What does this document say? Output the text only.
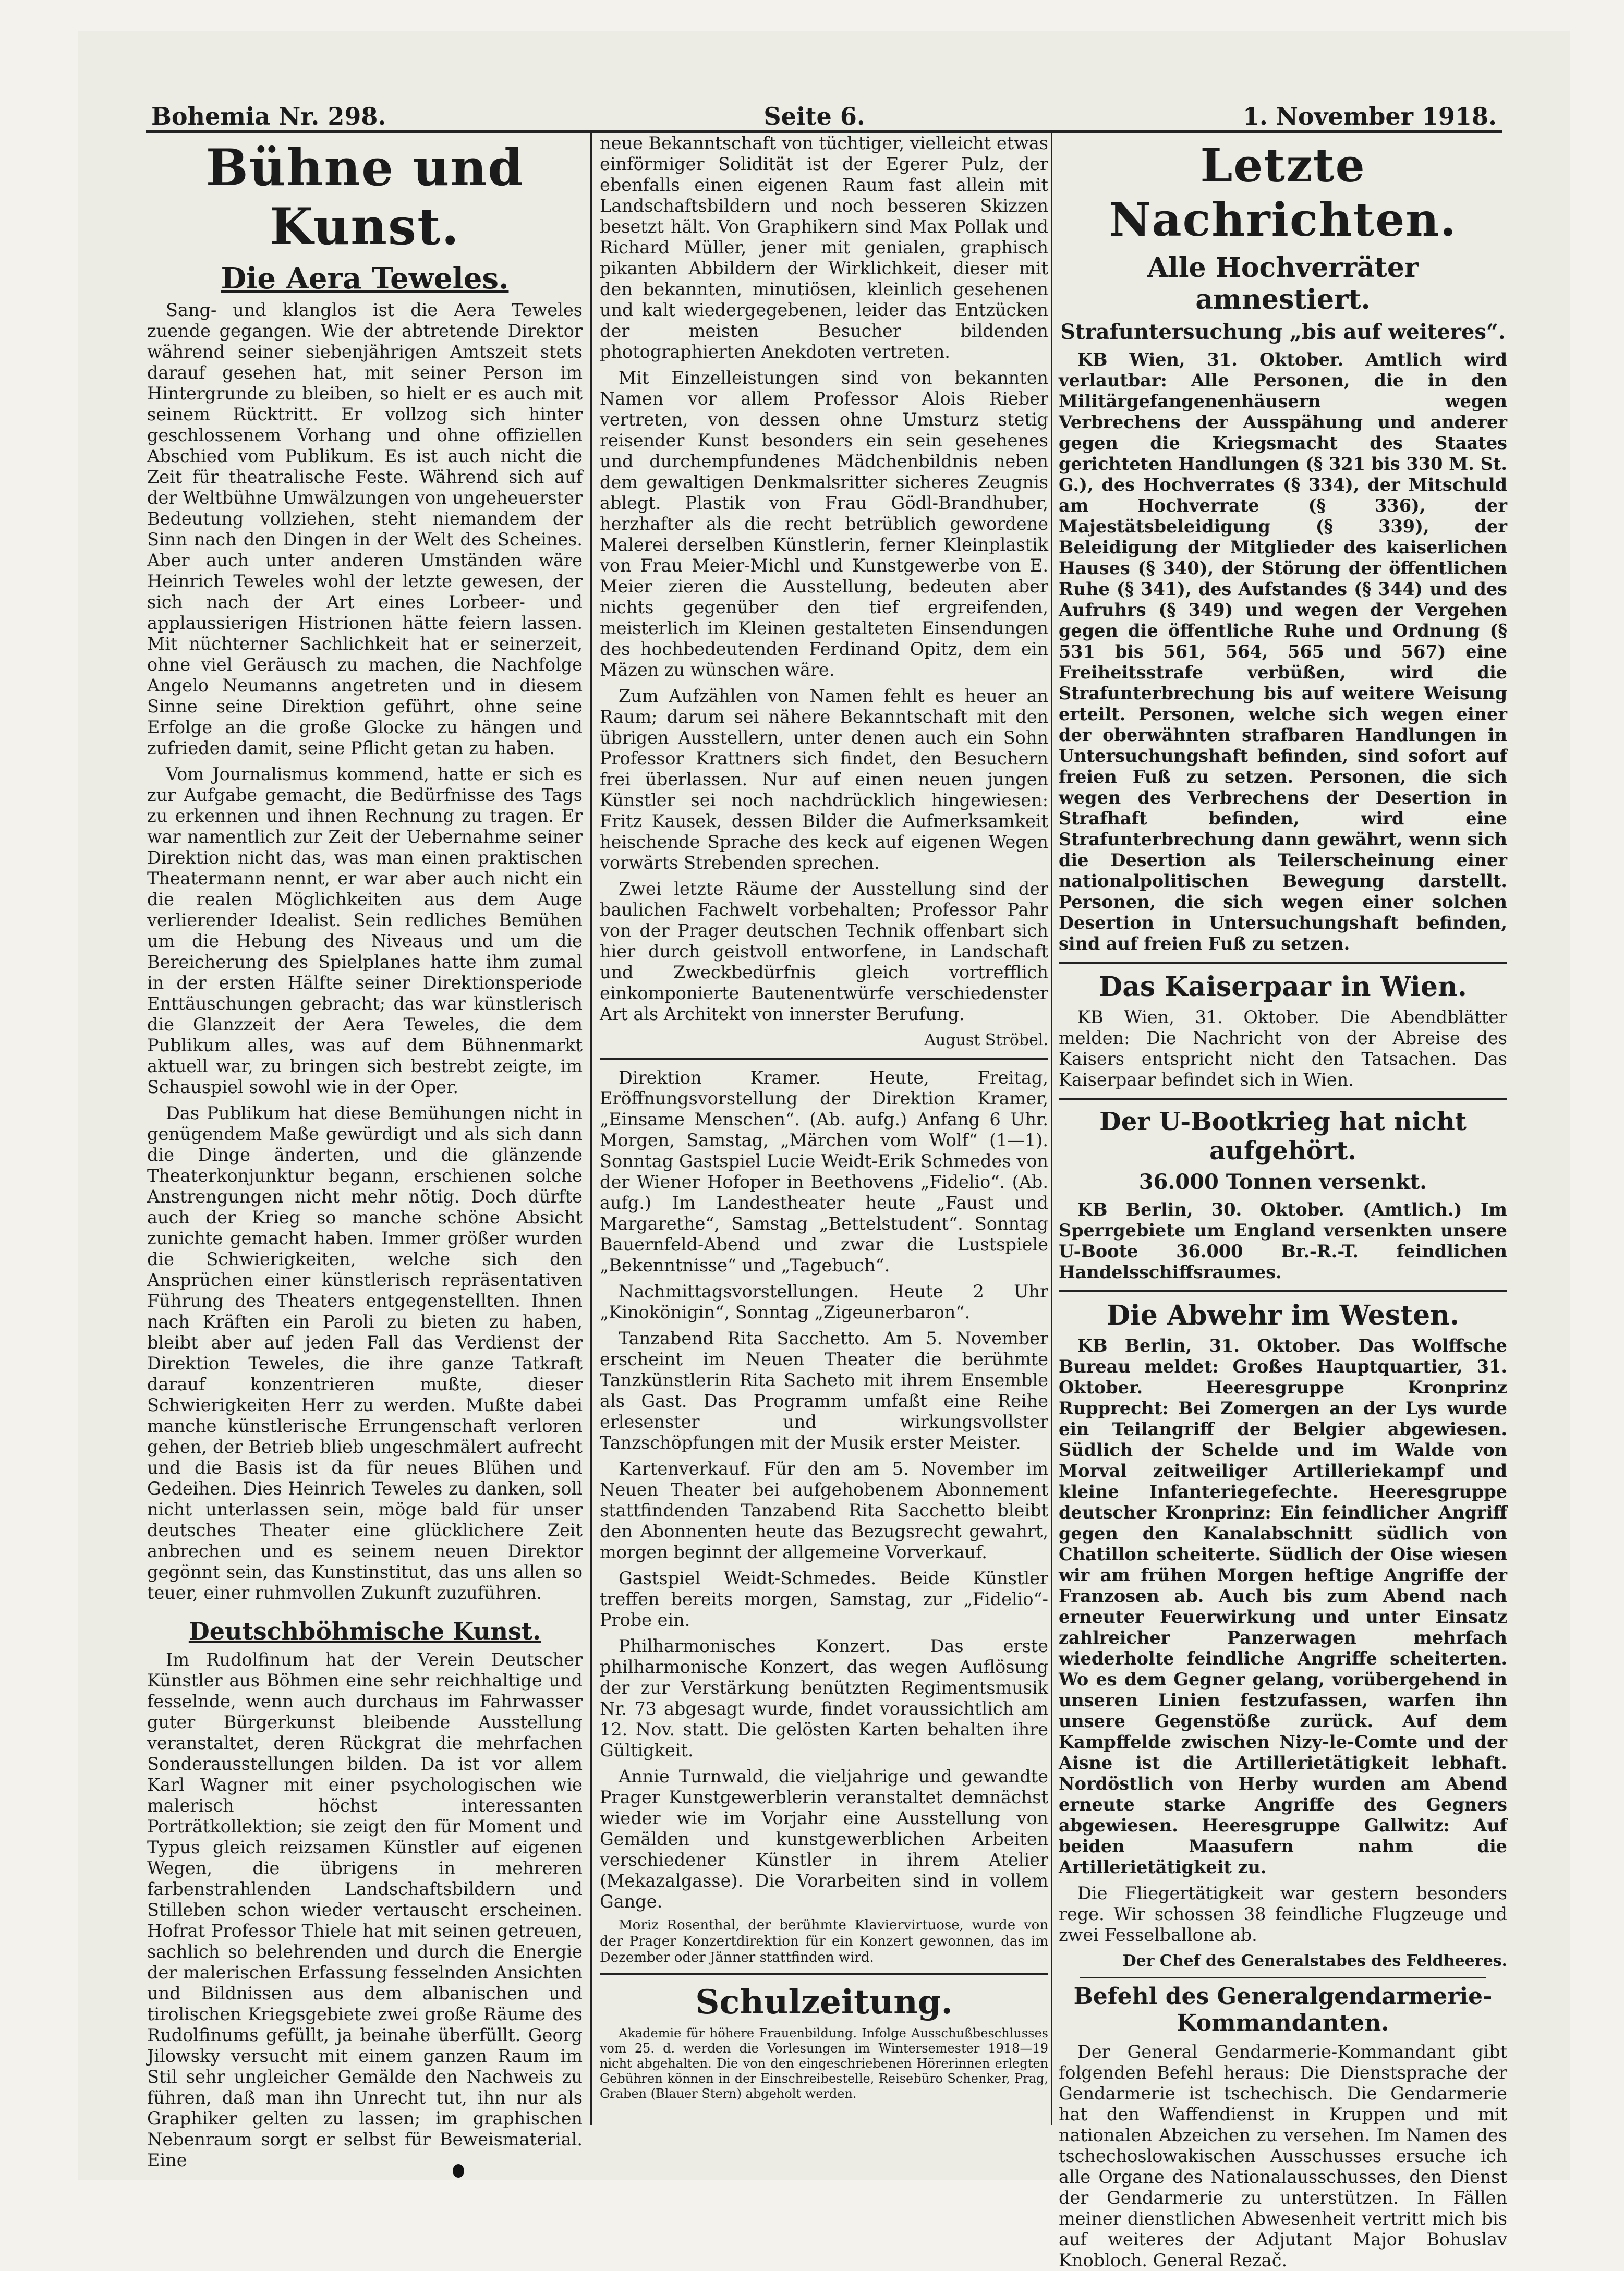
Bohemia Nr. 298.	Seite 6.	1. November 1918.
Bühne und Kunst.
Die Aera Teweles.

Sang- und klanglos ist die Aera Teweles zuende gegangen. Wie der abtretende Direktor während seiner siebenjährigen Amtszeit stets darauf gesehen hat, mit seiner Person im Hintergrunde zu bleiben, so hielt er es auch mit seinem Rücktritt. Er vollzog sich hinter geschlossenem Vorhang und ohne offiziellen Abschied vom Publikum. Es ist auch nicht die Zeit für theatralische Feste. Während sich auf der Weltbühne Umwälzungen von ungeheuerster Bedeutung vollziehen, steht niemandem der Sinn nach den Dingen in der Welt des Scheines. Aber auch unter anderen Umständen wäre Heinrich Teweles wohl der letzte gewesen, der sich nach der Art eines Lorbeer- und applaussierigen Histrionen hätte feiern lassen. Mit nüchterner Sachlichkeit hat er seinerzeit, ohne viel Geräusch zu machen, die Nachfolge Angelo Neumanns angetreten und in diesem Sinne seine Direktion geführt, ohne seine Erfolge an die große Glocke zu hängen und zufrieden damit, seine Pflicht getan zu haben.

Vom Journalismus kommend, hatte er sich es zur Aufgabe gemacht, die Bedürfnisse des Tags zu erkennen und ihnen Rechnung zu tragen. Er war namentlich zur Zeit der Uebernahme seiner Direktion nicht das, was man einen praktischen Theatermann nennt, er war aber auch nicht ein die realen Möglichkeiten aus dem Auge verlierender Idealist. Sein redliches Bemühen um die Hebung des Niveaus und um die Bereicherung des Spielplanes hatte ihm zumal in der ersten Hälfte seiner Direktionsperiode Enttäuschungen gebracht; das war künstlerisch die Glanzzeit der Aera Teweles, die dem Publikum alles, was auf dem Bühnenmarkt aktuell war, zu bringen sich bestrebt zeigte, im Schauspiel sowohl wie in der Oper.

Das Publikum hat diese Bemühungen nicht in genügendem Maße gewürdigt und als sich dann die Dinge änderten, und die glänzende Theaterkonjunktur begann, erschienen solche Anstrengungen nicht mehr nötig. Doch dürfte auch der Krieg so manche schöne Absicht zunichte gemacht haben. Immer größer wurden die Schwierigkeiten, welche sich den Ansprüchen einer künstlerisch repräsentativen Führung des Theaters entgegenstellten. Ihnen nach Kräften ein Paroli zu bieten zu haben, bleibt aber auf jeden Fall das Verdienst der Direktion Teweles, die ihre ganze Tatkraft darauf konzentrieren mußte, dieser Schwierigkeiten Herr zu werden. Mußte dabei manche künstlerische Errungenschaft verloren gehen, der Betrieb blieb ungeschmälert aufrecht und die Basis ist da für neues Blühen und Gedeihen. Dies Heinrich Teweles zu danken, soll nicht unterlassen sein, möge bald für unser deutsches Theater eine glücklichere Zeit anbrechen und es seinem neuen Direktor gegönnt sein, das Kunstinstitut, das uns allen so teuer, einer ruhmvollen Zukunft zuzuführen.

Deutschböhmische Kunst.

Im Rudolfinum hat der Verein Deutscher Künstler aus Böhmen eine sehr reichhaltige und fesselnde, wenn auch durchaus im Fahrwasser guter Bürgerkunst bleibende Ausstellung veranstaltet, deren Rückgrat die mehrfachen Sonderausstellungen bilden. Da ist vor allem Karl Wagner mit einer psychologischen wie malerisch höchst interessanten Porträtkollektion; sie zeigt den für Moment und Typus gleich reizsamen Künstler auf eigenen Wegen, die übrigens in mehreren farbenstrahlenden Landschaftsbildern und Stilleben schon wieder vertauscht erscheinen. Hofrat Professor Thiele hat mit seinen getreuen, sachlich so belehrenden und durch die Energie der malerischen Erfassung fesselnden Ansichten und Bildnissen aus dem albanischen und tirolischen Kriegsgebiete zwei große Räume des Rudolfinums gefüllt, ja beinahe überfüllt. Georg Jilowsky versucht mit einem ganzen Raum im Stil sehr ungleicher Gemälde den Nachweis zu führen, daß man ihn Unrecht tut, ihn nur als Graphiker gelten zu lassen; im graphischen Nebenraum sorgt er selbst für Beweismaterial. Eine

neue Bekanntschaft von tüchtiger, vielleicht etwas einförmiger Solidität ist der Egerer Pulz, der ebenfalls einen eigenen Raum fast allein mit Landschaftsbildern und noch besseren Skizzen besetzt hält. Von Graphikern sind Max Pollak und Richard Müller, jener mit genialen, graphisch pikanten Abbildern der Wirklichkeit, dieser mit den bekannten, minutiösen, kleinlich gesehenen und kalt wiedergegebenen, leider das Entzücken der meisten Besucher bildenden photographierten Anekdoten vertreten.

Mit Einzelleistungen sind von bekannten Namen vor allem Professor Alois Rieber vertreten, von dessen ohne Umsturz stetig reisender Kunst besonders ein sein gesehenes und durchempfundenes Mädchenbildnis neben dem gewaltigen Denkmalsritter sicheres Zeugnis ablegt. Plastik von Frau Gödl-Brandhuber, herzhafter als die recht betrüblich gewordene Malerei derselben Künstlerin, ferner Kleinplastik von Frau Meier-Michl und Kunstgewerbe von E. Meier zieren die Ausstellung, bedeuten aber nichts gegenüber den tief ergreifenden, meisterlich im Kleinen gestalteten Einsendungen des hochbedeutenden Ferdinand Opitz, dem ein Mäzen zu wünschen wäre.

Zum Aufzählen von Namen fehlt es heuer an Raum; darum sei nähere Bekanntschaft mit den übrigen Ausstellern, unter denen auch ein Sohn Professor Krattners sich findet, den Besuchern frei überlassen. Nur auf einen neuen jungen Künstler sei noch nachdrücklich hingewiesen: Fritz Kausek, dessen Bilder die Aufmerksamkeit heischende Sprache des keck auf eigenen Wegen vorwärts Strebenden sprechen.

Zwei letzte Räume der Ausstellung sind der baulichen Fachwelt vorbehalten; Professor Pahr von der Prager deutschen Technik offenbart sich hier durch geistvoll entworfene, in Landschaft und Zweckbedürfnis gleich vortrefflich einkomponierte Bautenentwürfe verschiedenster Art als Architekt von innerster Berufung.

August Ströbel.

Direktion Kramer. Heute, Freitag, Eröffnungsvorstellung der Direktion Kramer, „Einsame Menschen“. (Ab. aufg.) Anfang 6 Uhr. Morgen, Samstag, „Märchen vom Wolf“ (1—1). Sonntag Gastspiel Lucie Weidt-Erik Schmedes von der Wiener Hofoper in Beethovens „Fidelio“. (Ab. aufg.) Im Landestheater heute „Faust und Margarethe“, Samstag „Bettelstudent“. Sonntag Bauernfeld-Abend und zwar die Lustspiele „Bekenntnisse“ und „Tagebuch“.

Nachmittagsvorstellungen. Heute 2 Uhr „Kinokönigin“, Sonntag „Zigeunerbaron“.

Tanzabend Rita Sacchetto. Am 5. November erscheint im Neuen Theater die berühmte Tanzkünstlerin Rita Sacheto mit ihrem Ensemble als Gast. Das Programm umfaßt eine Reihe erlesenster und wirkungsvollster Tanzschöpfungen mit der Musik erster Meister.

Kartenverkauf. Für den am 5. November im Neuen Theater bei aufgehobenem Abonnement stattfindenden Tanzabend Rita Sacchetto bleibt den Abonnenten heute das Bezugsrecht gewahrt, morgen beginnt der allgemeine Vorverkauf.

Gastspiel Weidt-Schmedes. Beide Künstler treffen bereits morgen, Samstag, zur „Fidelio“-Probe ein.

Philharmonisches Konzert. Das erste philharmonische Konzert, das wegen Auflösung der zur Verstärkung benützten Regimentsmusik Nr. 73 abgesagt wurde, findet voraussichtlich am 12. Nov. statt. Die gelösten Karten behalten ihre Gültigkeit.

Annie Turnwald, die vieljahrige und gewandte Prager Kunstgewerblerin veranstaltet demnächst wieder wie im Vorjahr eine Ausstellung von Gemälden und kunstgewerblichen Arbeiten verschiedener Künstler in ihrem Atelier (Mekazalgasse). Die Vorarbeiten sind in vollem Gange.

Moriz Rosenthal, der berühmte Klaviervirtuose, wurde von der Prager Konzertdirektion für ein Konzert gewonnen, das im Dezember oder Jänner stattfinden wird.

Schulzeitung.

Akademie für höhere Frauenbildung. Infolge Ausschußbeschlusses vom 25. d. werden die Vorlesungen im Wintersemester 1918—19 nicht abgehalten. Die von den eingeschriebenen Hörerinnen erlegten Gebühren können in der Einschreibestelle, Reisebüro Schenker, Prag, Graben (Blauer Stern) abgeholt werden.

Letzte Nachrichten.
Alle Hochverräter amnestiert.
Strafuntersuchung „bis auf weiteres“.

KB Wien, 31. Oktober. Amtlich wird verlautbar: Alle Personen, die in den Militärgefangenenhäusern wegen Verbrechens der Ausspähung und anderer gegen die Kriegsmacht des Staates gerichteten Handlungen (§ 321 bis 330 M. St. G.), des Hochverrates (§ 334), der Mitschuld am Hochverrate (§ 336), der Majestätsbeleidigung (§ 339), der Beleidigung der Mitglieder des kaiserlichen Hauses (§ 340), der Störung der öffentlichen Ruhe (§ 341), des Aufstandes (§ 344) und des Aufruhrs (§ 349) und wegen der Vergehen gegen die öffentliche Ruhe und Ordnung (§ 531 bis 561, 564, 565 und 567) eine Freiheitsstrafe verbüßen, wird die Strafunterbrechung bis auf weitere Weisung erteilt. Personen, welche sich wegen einer der oberwähnten strafbaren Handlungen in Untersuchungshaft befinden, sind sofort auf freien Fuß zu setzen. Personen, die sich wegen des Verbrechens der Desertion in Strafhaft befinden, wird eine Strafunterbrechung dann gewährt, wenn sich die Desertion als Teilerscheinung einer nationalpolitischen Bewegung darstellt. Personen, die sich wegen einer solchen Desertion in Untersuchungshaft befinden, sind auf freien Fuß zu setzen.

Das Kaiserpaar in Wien.

KB Wien, 31. Oktober. Die Abendblätter melden: Die Nachricht von der Abreise des Kaisers entspricht nicht den Tatsachen. Das Kaiserpaar befindet sich in Wien.

Der U-Bootkrieg hat nicht aufgehört.
36.000 Tonnen versenkt.

KB Berlin, 30. Oktober. (Amtlich.) Im Sperrgebiete um England versenkten unsere U-Boote 36.000 Br.-R.-T. feindlichen Handelsschiffsraumes.

Die Abwehr im Westen.

KB Berlin, 31. Oktober. Das Wolffsche Bureau meldet: Großes Hauptquartier, 31. Oktober. Heeresgruppe Kronprinz Rupprecht: Bei Zomergen an der Lys wurde ein Teilangriff der Belgier abgewiesen. Südlich der Schelde und im Walde von Morval zeitweiliger Artilleriekampf und kleine Infanteriegefechte. Heeresgruppe deutscher Kronprinz: Ein feindlicher Angriff gegen den Kanalabschnitt südlich von Chatillon scheiterte. Südlich der Oise wiesen wir am frühen Morgen heftige Angriffe der Franzosen ab. Auch bis zum Abend nach erneuter Feuerwirkung und unter Einsatz zahlreicher Panzerwagen mehrfach wiederholte feindliche Angriffe scheiterten. Wo es dem Gegner gelang, vorübergehend in unseren Linien festzufassen, warfen ihn unsere Gegenstöße zurück. Auf dem Kampffelde zwischen Nizy-le-Comte und der Aisne ist die Artillerietätigkeit lebhaft. Nordöstlich von Herby wurden am Abend erneute starke Angriffe des Gegners abgewiesen. Heeresgruppe Gallwitz: Auf beiden Maasufern nahm die Artillerietätigkeit zu.

Die Fliegertätigkeit war gestern besonders rege. Wir schossen 38 feindliche Flugzeuge und zwei Fesselballone ab.

Der Chef des Generalstabes des Feldheeres.

Befehl des Generalgendarmerie-Kommandanten.

Der General Gendarmerie-Kommandant gibt folgenden Befehl heraus: Die Dienstsprache der Gendarmerie ist tschechisch. Die Gendarmerie hat den Waffendienst in Kruppen und mit nationalen Abzeichen zu versehen. Im Namen des tschechoslowakischen Ausschusses ersuche ich alle Organe des Nationalausschusses, den Dienst der Gendarmerie zu unterstützen. In Fällen meiner dienstlichen Abwesenheit vertritt mich bis auf weiteres der Adjutant Major Bohuslav Knobloch. General Rezač.
